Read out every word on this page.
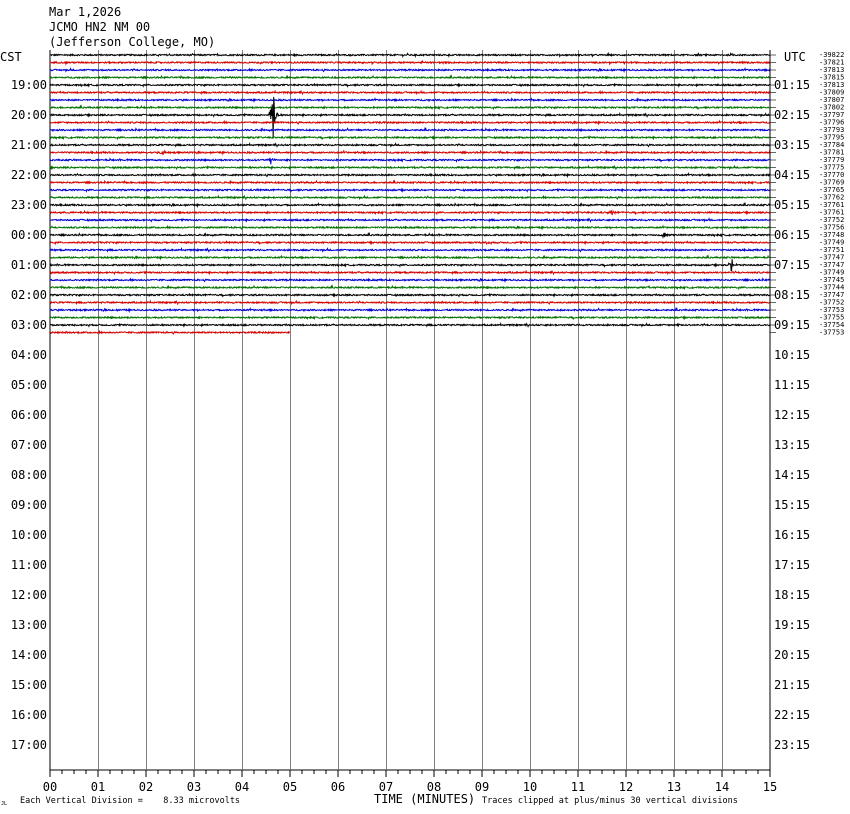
Mar 1,2026
JCMO HN2 NM 00
(Jefferson College, MO)
CST	UTC
19:00
20:00
21:00
22:00
23:00
00:00
01:00
02:00
03:00
04:00
05:00
06:00
07:00
08:00
09:00
10:00
11:00
12:00
13:00
14:00
15:00
16:00
17:00
01:15
02:15
03:15
04:15
05:15
06:15
07:15
08:15
09:15
10:15
11:15
12:15
13:15
14:15
15:15
16:15
17:15
18:15
19:15
20:15
21:15
22:15
23:15
-39822
-37821
-37813
-37815
-37813
-37809
-37807
-37802
-37797
-37796
-37793
-37795
-37784
-37781
-37779
-37775
-37770
-37769
-37765
-37762
-37761
-37761
-37752
-37756
-37748
-37749
-37751
-37747
-37747
-37749
-37745
-37744
-37747
-37752
-37753
-37755
-37754
-37753
00	01	02	03	04	05	06	07	08	09	10	11	12	13	14	15
TIME (MINUTES)
Each Vertical Division =    8.33 microvolts	Traces clipped at plus/minus 30 vertical divisions
JL
